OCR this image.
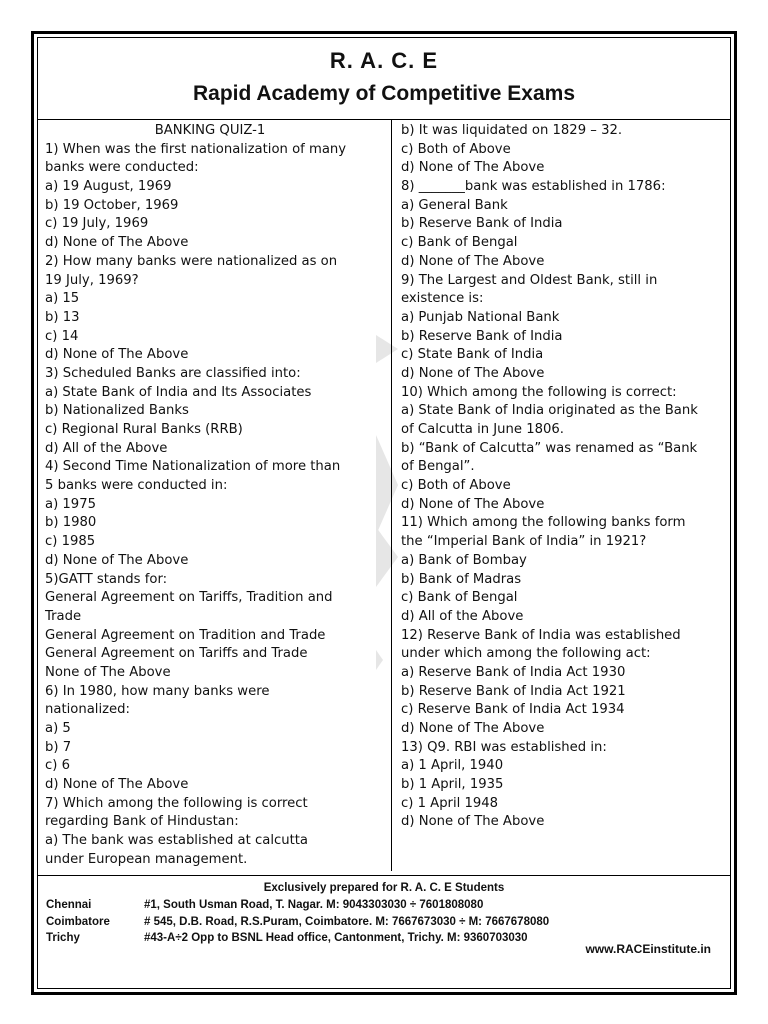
R. A. C. E
Rapid Academy of Competitive Exams
BANKING QUIZ-1
1) When was the first nationalization of many
banks were conducted:
a) 19 August, 1969
b) 19 October, 1969
c) 19 July, 1969
d) None of The Above
2) How many banks were nationalized as on
19 July, 1969?
a) 15
b) 13
c) 14
d) None of The Above
3) Scheduled Banks are classified into:
a) State Bank of India and Its Associates
b) Nationalized Banks
c) Regional Rural Banks (RRB)
d) All of the Above
4) Second Time Nationalization of more than
5 banks were conducted in:
a) 1975
b) 1980
c) 1985
d) None of The Above
5)GATT stands for:
General Agreement on Tariffs, Tradition and
Trade
General Agreement on Tradition and Trade
General Agreement on Tariffs and Trade
None of The Above
6) In 1980, how many banks were
nationalized:
a) 5
b) 7
c) 6
d) None of The Above
7) Which among the following is correct
regarding Bank of Hindustan:
a) The bank was established at calcutta
under European management.
b) It was liquidated on 1829 – 32.
c) Both of Above
d) None of The Above
8) _______bank was established in 1786:
a) General Bank
b) Reserve Bank of India
c) Bank of Bengal
d) None of The Above
9) The Largest and Oldest Bank, still in
existence is:
a) Punjab National Bank
b) Reserve Bank of India
c) State Bank of India
d) None of The Above
10) Which among the following is correct:
a) State Bank of India originated as the Bank
of Calcutta in June 1806.
b) “Bank of Calcutta” was renamed as “Bank
of Bengal”.
c) Both of Above
d) None of The Above
11) Which among the following banks form
the “Imperial Bank of India” in 1921?
a) Bank of Bombay
b) Bank of Madras
c) Bank of Bengal
d) All of the Above
12) Reserve Bank of India was established
under which among the following act:
a) Reserve Bank of India Act 1930
b) Reserve Bank of India Act 1921
c) Reserve Bank of India Act 1934
d) None of The Above
13) Q9. RBI was established in:
a) 1 April, 1940
b) 1 April, 1935
c) 1 April 1948
d) None of The Above
Exclusively prepared for R. A. C. E Students
Chennai	#1, South Usman Road, T. Nagar. M: 9043303030 ÷ 7601808080
Coimbatore	# 545, D.B. Road, R.S.Puram, Coimbatore. M: 7667673030 ÷ M: 7667678080
Trichy	#43-A÷2 Opp to BSNL Head office, Cantonment, Trichy. M: 9360703030
www.RACEinstitute.in
